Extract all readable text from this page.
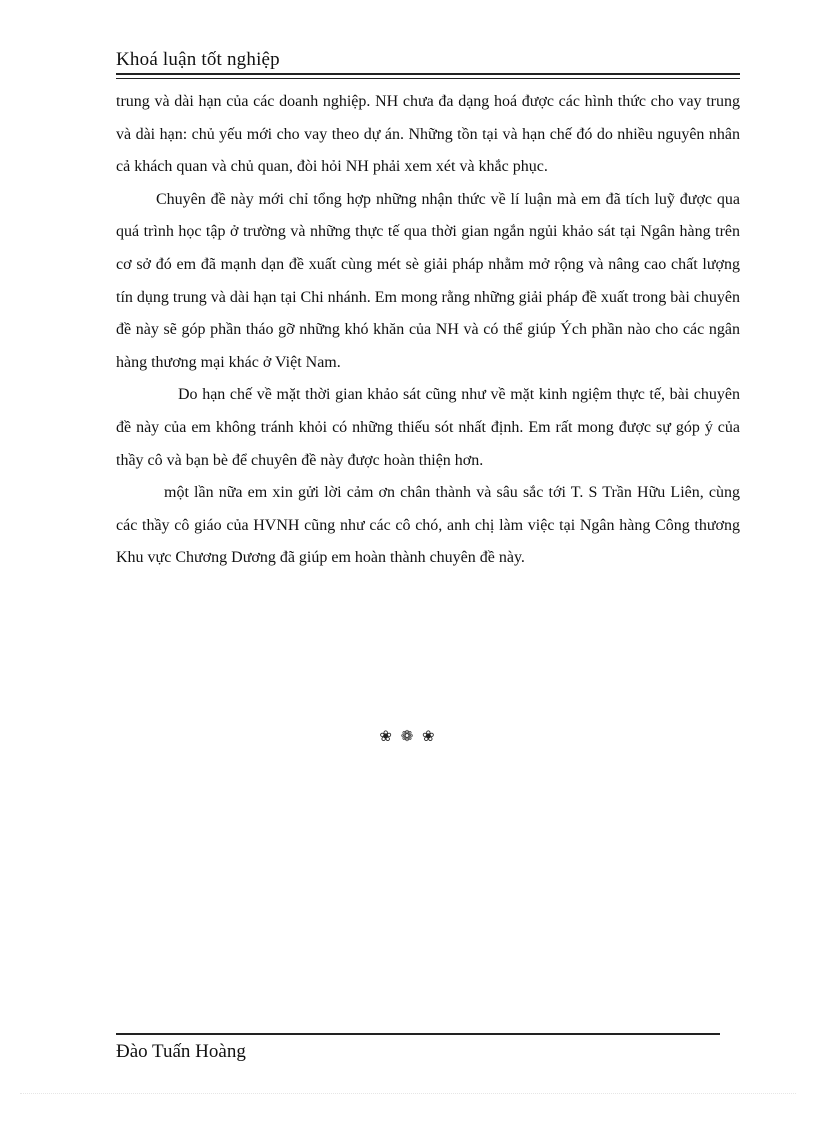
Khoá luận tốt nghiệp

trung và dài hạn của các doanh nghiệp. NH chưa đa dạng hoá được các hình thức cho vay trung và dài hạn: chủ yếu mới cho vay theo dự án. Những tồn tại và hạn chế đó do nhiều nguyên nhân cả khách quan và chủ quan, đòi hỏi NH phải xem xét và khắc phục.

Chuyên đề này mới chỉ tổng hợp những nhận thức về lí luận mà em đã tích luỹ được qua quá trình học tập ở trường và những thực tế qua thời gian ngắn ngủi khảo sát tại Ngân hàng trên cơ sở đó em đã mạnh dạn đề xuất cùng mét sè giải pháp nhằm mở rộng và nâng cao chất lượng tín dụng trung và dài hạn tại Chi nhánh. Em mong rằng những giải pháp đề xuất trong bài chuyên đề này sẽ góp phần tháo gỡ những khó khăn của NH và có thể giúp Ých phần nào cho các ngân hàng thương mại khác ở Việt Nam.

Do hạn chế về mặt thời gian khảo sát cũng như về mặt kinh ngiệm thực tế, bài chuyên đề này của em không tránh khỏi có những thiếu sót nhất định. Em rất mong được sự góp ý của thầy cô và bạn bè để chuyên đề này được hoàn thiện hơn.

một lần nữa em xin gửi lời cảm ơn chân thành và sâu sắc tới T. S Trần Hữu Liên, cùng các thầy cô giáo của HVNH cũng như các cô chó, anh chị làm việc tại Ngân hàng Công thương Khu vực Chương Dương đã giúp em hoàn thành chuyên đề này.

❀ ❁ ❀
Đào Tuấn Hoàng
